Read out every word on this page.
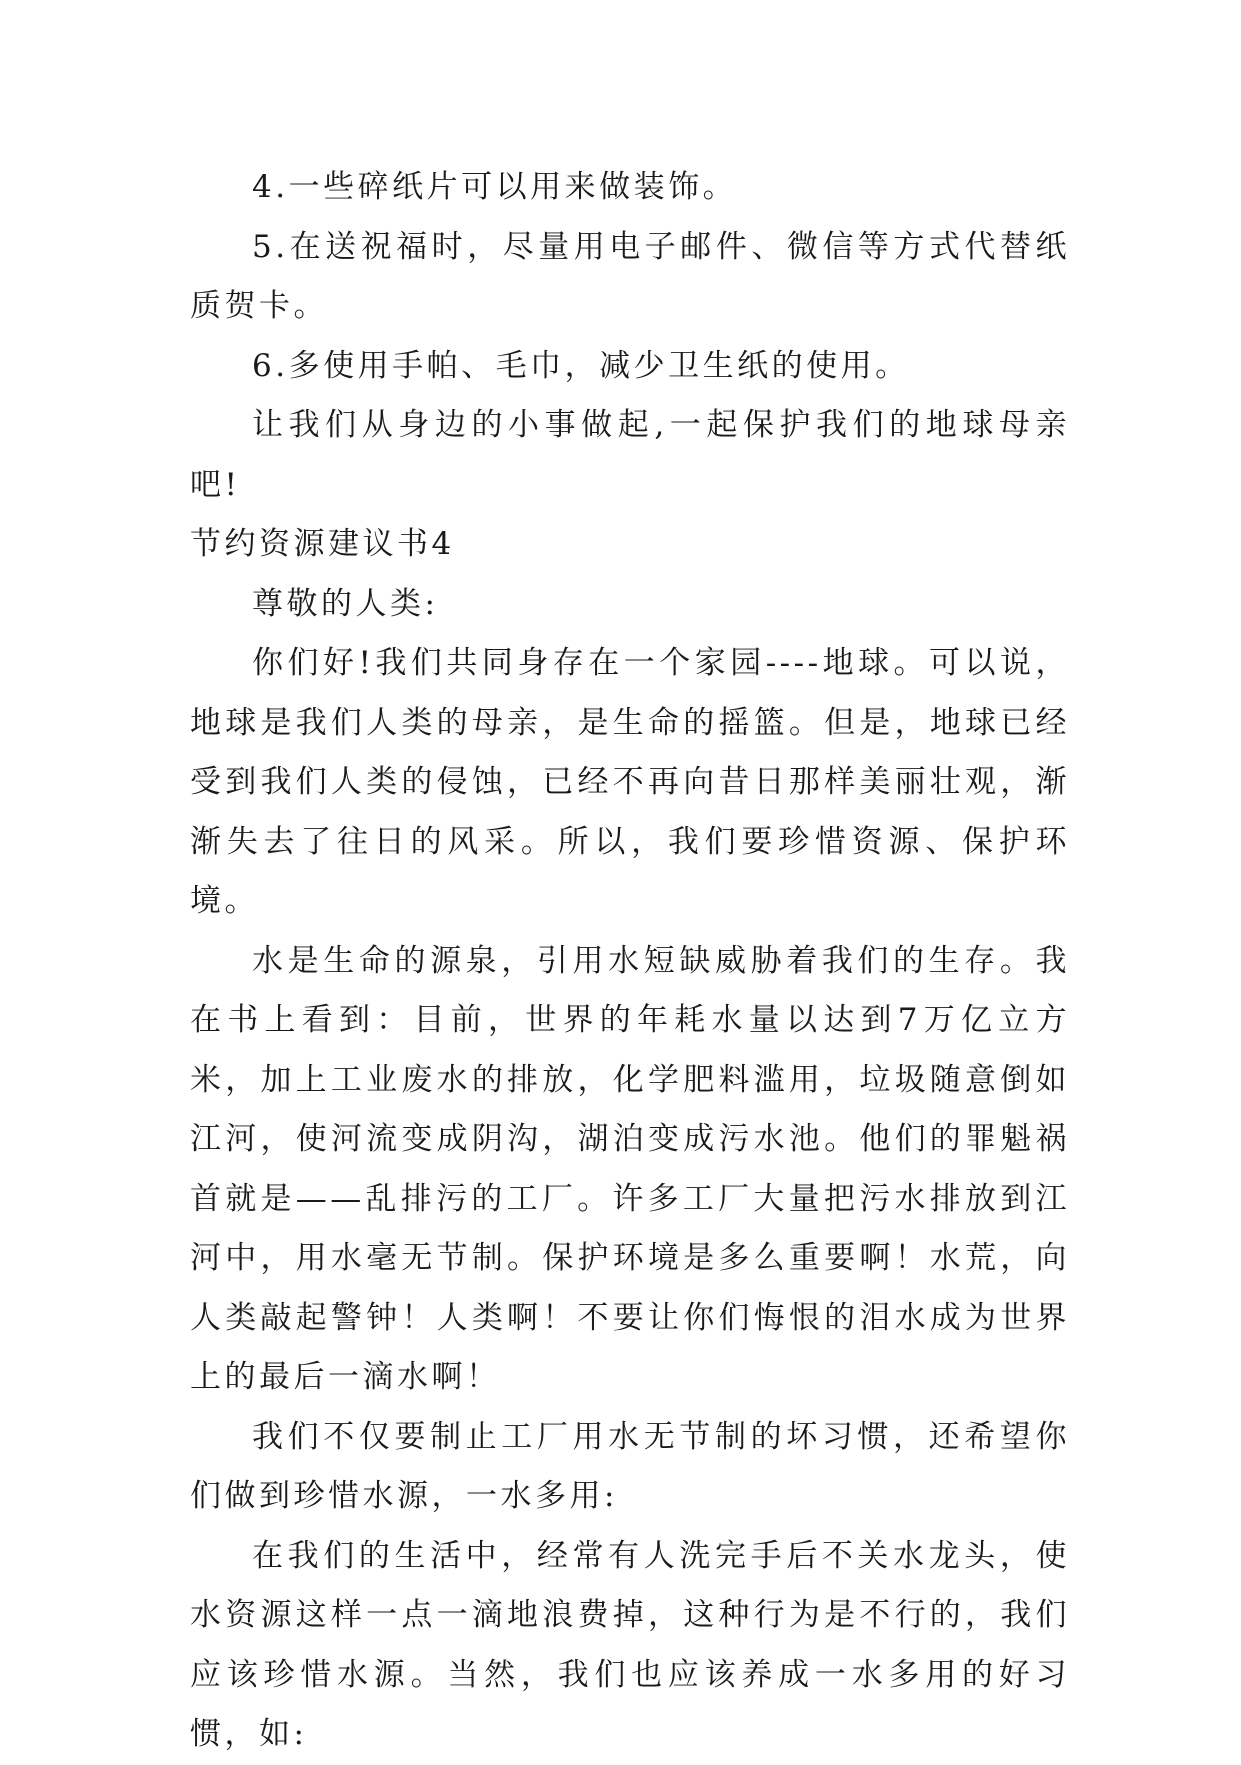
4.一些碎纸片可以用来做装饰。

5.在送祝福时，尽量用电子邮件、微信等方式代替纸质贺卡。

6.多使用手帕、毛巾，减少卫生纸的使用。

让我们从身边的小事做起,一起保护我们的地球母亲吧!

节约资源建议书4

尊敬的人类:

你们好!我们共同身存在一个家园----地球。可以说，地球是我们人类的母亲，是生命的摇篮。但是，地球已经受到我们人类的侵蚀，已经不再向昔日那样美丽壮观，渐渐失去了往日的风采。所以，我们要珍惜资源、保护环境。

水是生命的源泉，引用水短缺威胁着我们的生存。我在书上看到：目前，世界的年耗水量以达到7万亿立方米，加上工业废水的排放，化学肥料滥用，垃圾随意倒如江河，使河流变成阴沟，湖泊变成污水池。他们的罪魁祸首就是——乱排污的工厂。许多工厂大量把污水排放到江河中，用水毫无节制。保护环境是多么重要啊！水荒，向人类敲起警钟！人类啊！不要让你们悔恨的泪水成为世界上的最后一滴水啊！

我们不仅要制止工厂用水无节制的坏习惯，还希望你们做到珍惜水源，一水多用:

在我们的生活中，经常有人洗完手后不关水龙头，使水资源这样一点一滴地浪费掉，这种行为是不行的，我们应该珍惜水源。当然，我们也应该养成一水多用的好习惯，如:
